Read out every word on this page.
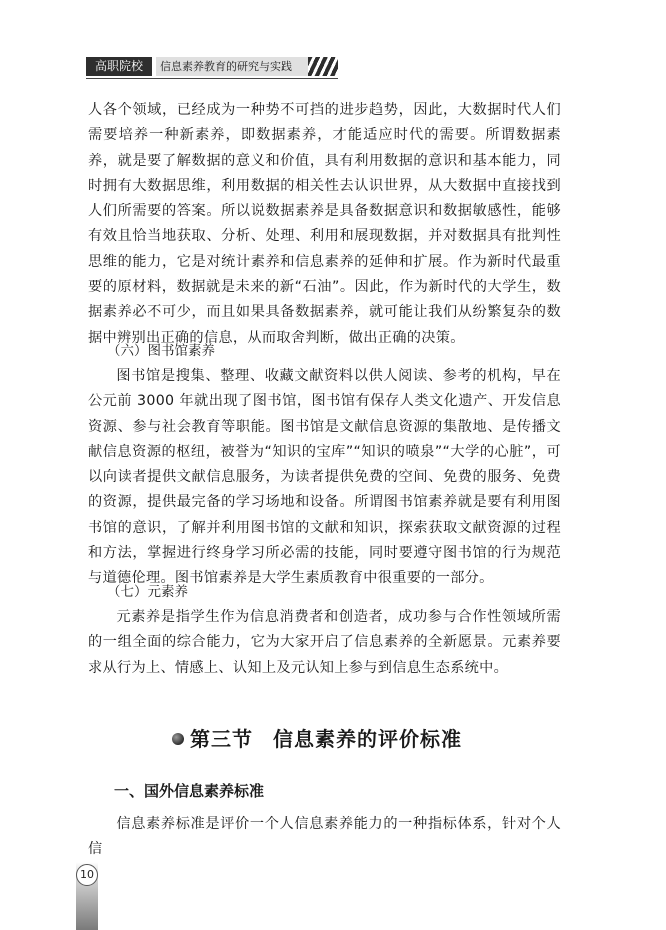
高职院校	信息素养教育的研究与实践

人各个领域，已经成为一种势不可挡的进步趋势，因此，大数据时代人们需要培养一种新素养，即数据素养，才能适应时代的需要。所谓数据素养，就是要了解数据的意义和价值，具有利用数据的意识和基本能力，同时拥有大数据思维，利用数据的相关性去认识世界，从大数据中直接找到人们所需要的答案。所以说数据素养是具备数据意识和数据敏感性，能够有效且恰当地获取、分析、处理、利用和展现数据，并对数据具有批判性思维的能力，它是对统计素养和信息素养的延伸和扩展。作为新时代最重要的原材料，数据就是未来的新“石油”。因此，作为新时代的大学生，数据素养必不可少，而且如果具备数据素养，就可能让我们从纷繁复杂的数据中辨别出正确的信息，从而取舍判断，做出正确的决策。

（六）图书馆素养

图书馆是搜集、整理、收藏文献资料以供人阅读、参考的机构，早在公元前 3000 年就出现了图书馆，图书馆有保存人类文化遗产、开发信息资源、参与社会教育等职能。图书馆是文献信息资源的集散地、是传播文献信息资源的枢纽，被誉为“知识的宝库”“知识的喷泉”“大学的心脏”，可以向读者提供文献信息服务，为读者提供免费的空间、免费的服务、免费的资源，提供最完备的学习场地和设备。所谓图书馆素养就是要有利用图书馆的意识，了解并利用图书馆的文献和知识，探索获取文献资源的过程和方法，掌握进行终身学习所必需的技能，同时要遵守图书馆的行为规范与道德伦理。图书馆素养是大学生素质教育中很重要的一部分。

（七）元素养

元素养是指学生作为信息消费者和创造者，成功参与合作性领域所需的一组全面的综合能力，它为大家开启了信息素养的全新愿景。元素养要求从行为上、情感上、认知上及元认知上参与到信息生态系统中。

第三节 信息素养的评价标准
一、国外信息素养标准

信息素养标准是评价一个人信息素养能力的一种指标体系，针对个人信

10
